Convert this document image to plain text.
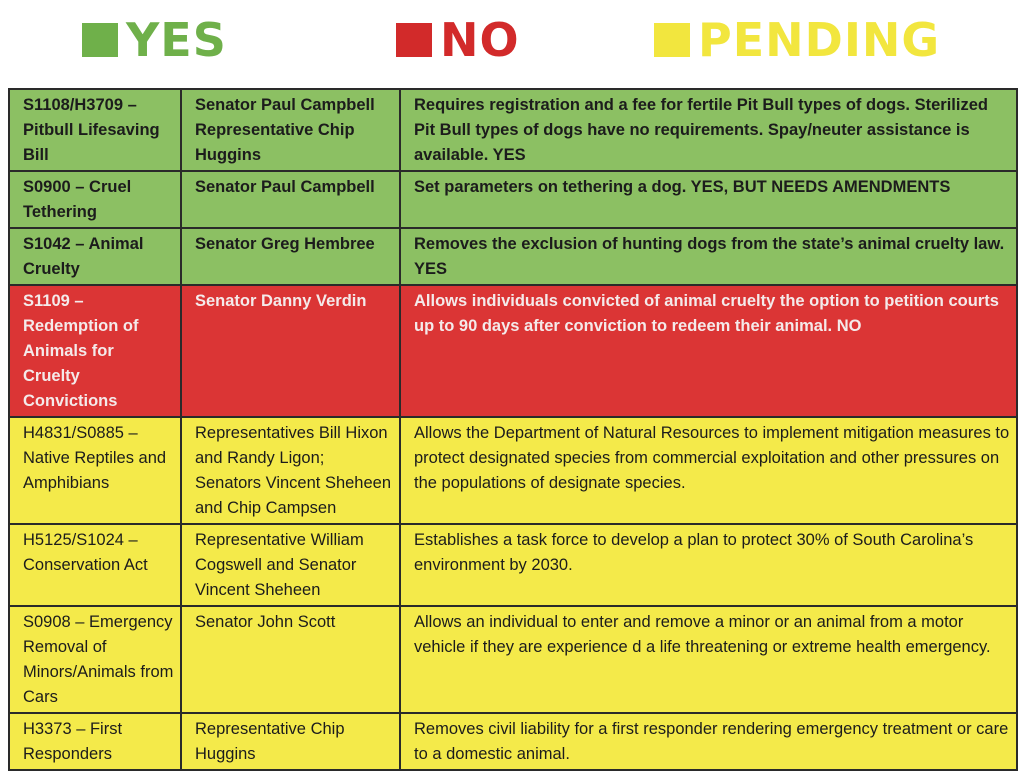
YES	NO	PENDING
S1108/H3709 – Pitbull Lifesaving Bill	Senator Paul Campbell Representative Chip Huggins	Requires registration and a fee for fertile Pit Bull types of dogs. Sterilized Pit Bull types of dogs have no requirements. Spay/neuter assistance is available. YES
S0900 – Cruel Tethering	Senator Paul Campbell	Set parameters on tethering a dog. YES, BUT NEEDS AMENDMENTS
S1042 – Animal Cruelty	Senator Greg Hembree	Removes the exclusion of hunting dogs from the state’s animal cruelty law. YES
S1109 – Redemption of Animals for Cruelty Convictions	Senator Danny Verdin	Allows individuals convicted of animal cruelty the option to petition courts up to 90 days after conviction to redeem their animal. NO
H4831/S0885 – Native Reptiles and Amphibians	Representatives Bill Hixon and Randy Ligon; Senators Vincent Sheheen and Chip Campsen	Allows the Department of Natural Resources to implement mitigation measures to protect designated species from commercial exploitation and other pressures on the populations of designate species.
H5125/S1024 – Conservation Act	Representative William Cogswell and Senator Vincent Sheheen	Establishes a task force to develop a plan to protect 30% of South Carolina’s environment by 2030.
S0908 – Emergency Removal of Minors/Animals from Cars	Senator John Scott	Allows an individual to enter and remove a minor or an animal from a motor vehicle if they are experience d a life threatening or extreme health emergency.
H3373 – First Responders	Representative Chip Huggins	Removes civil liability for a first responder rendering emergency treatment or care to a domestic animal.
